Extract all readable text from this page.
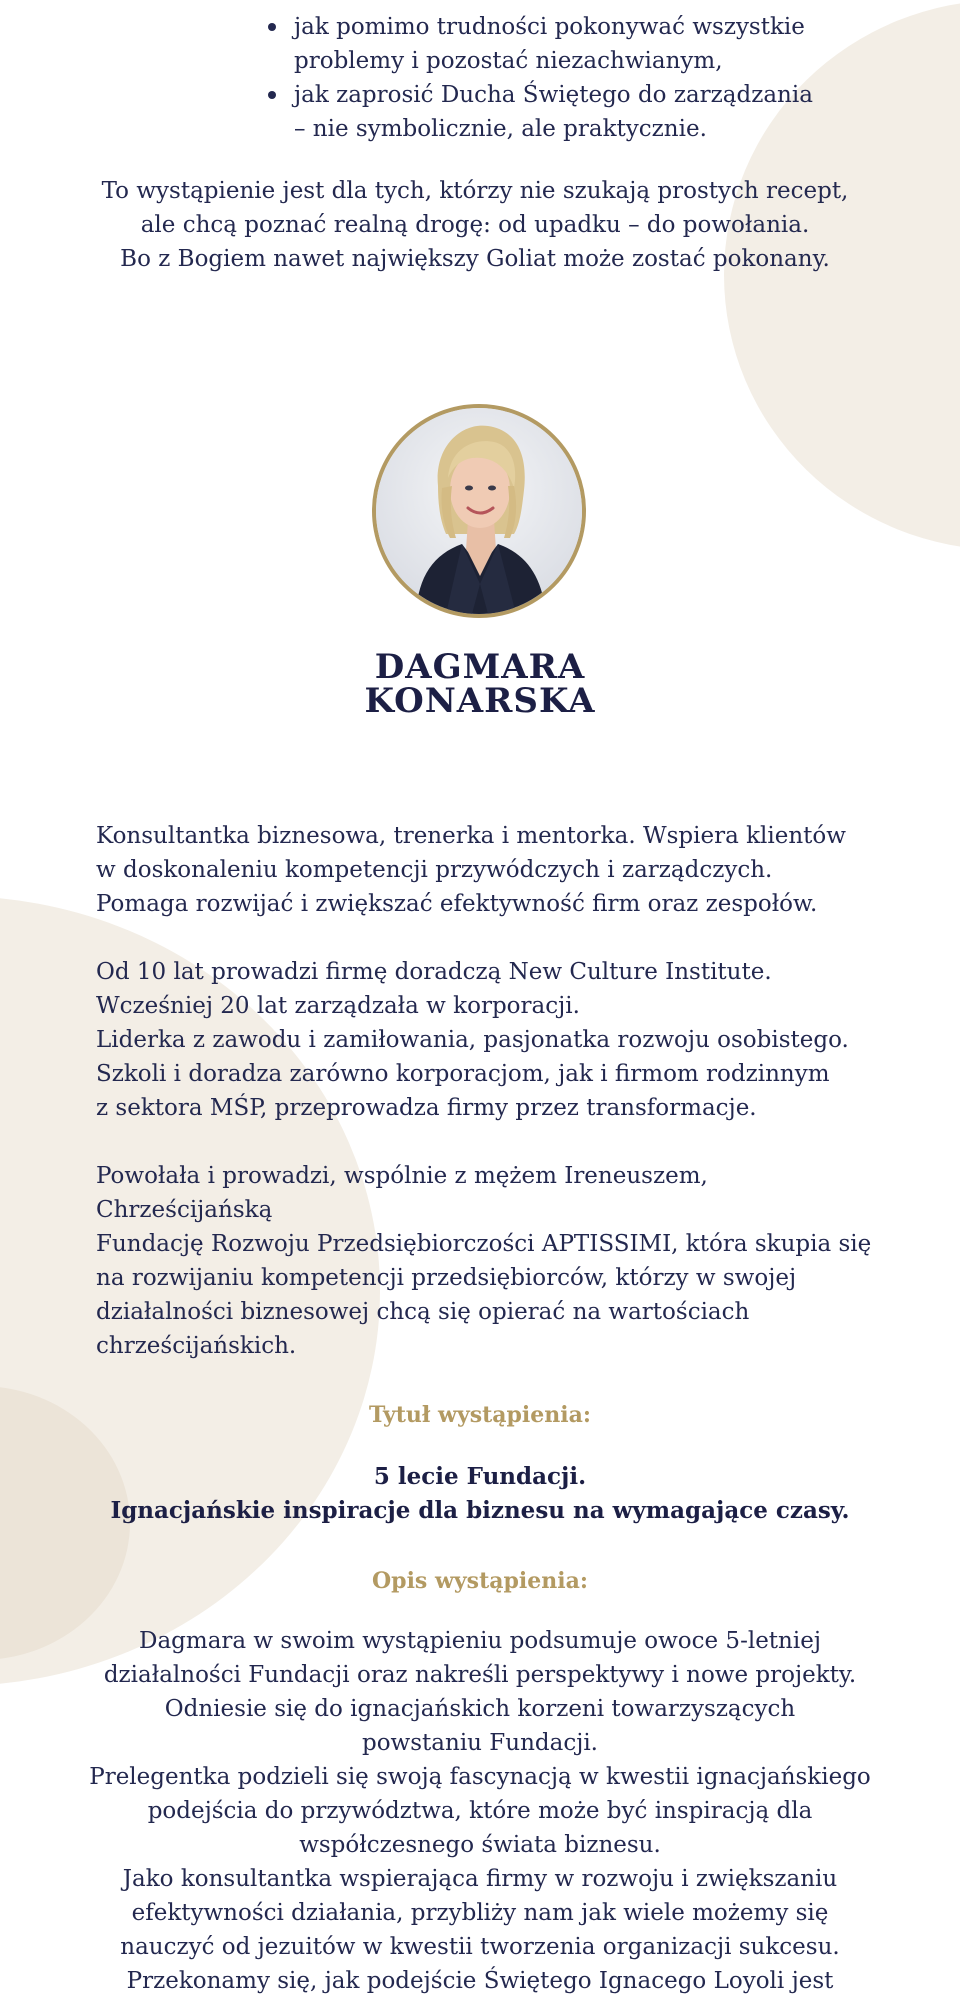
jak pomimo trudności pokonywać wszystkie
problemy i pozostać niezachwianym,
jak zaprosić Ducha Świętego do zarządzania
– nie symbolicznie, ale praktycznie.

To wystąpienie jest dla tych, którzy nie szukają prostych recept,

ale chcą poznać realną drogę: od upadku – do powołania.

Bo z Bogiem nawet największy Goliat może zostać pokonany.

DAGMARA
KONARSKA

Konsultantka biznesowa, trenerka i mentorka. Wspiera klientów
w doskonaleniu kompetencji przywódczych i zarządczych.
Pomaga rozwijać i zwiększać efektywność firm oraz zespołów.

Od 10 lat prowadzi firmę doradczą New Culture Institute.
Wcześniej 20 lat zarządzała w korporacji.
Liderka z zawodu i zamiłowania, pasjonatka rozwoju osobistego.
Szkoli i doradza zarówno korporacjom, jak i firmom rodzinnym
z sektora MŚP, przeprowadza firmy przez transformacje.

Powołała i prowadzi, wspólnie z mężem Ireneuszem, Chrześcijańską
Fundację Rozwoju Przedsiębiorczości APTISSIMI, która skupia się
na rozwijaniu kompetencji przedsiębiorców, którzy w swojej
działalności biznesowej chcą się opierać na wartościach
chrześcijańskich.

Tytuł wystąpienia:
5 lecie Fundacji.
Ignacjańskie inspiracje dla biznesu na wymagające czasy.
Opis wystąpienia:
Dagmara w swoim wystąpieniu podsumuje owoce 5-letniej
działalności Fundacji oraz nakreśli perspektywy i nowe projekty.
Odniesie się do ignacjańskich korzeni towarzyszących
powstaniu Fundacji.
Prelegentka podzieli się swoją fascynacją w kwestii ignacjańskiego
podejścia do przywództwa, które może być inspiracją dla
współczesnego świata biznesu.
Jako konsultantka wspierająca firmy w rozwoju i zwiększaniu
efektywności działania, przybliży nam jak wiele możemy się
nauczyć od jezuitów w kwestii tworzenia organizacji sukcesu.
Przekonamy się, jak podejście Świętego Ignacego Loyoli jest
